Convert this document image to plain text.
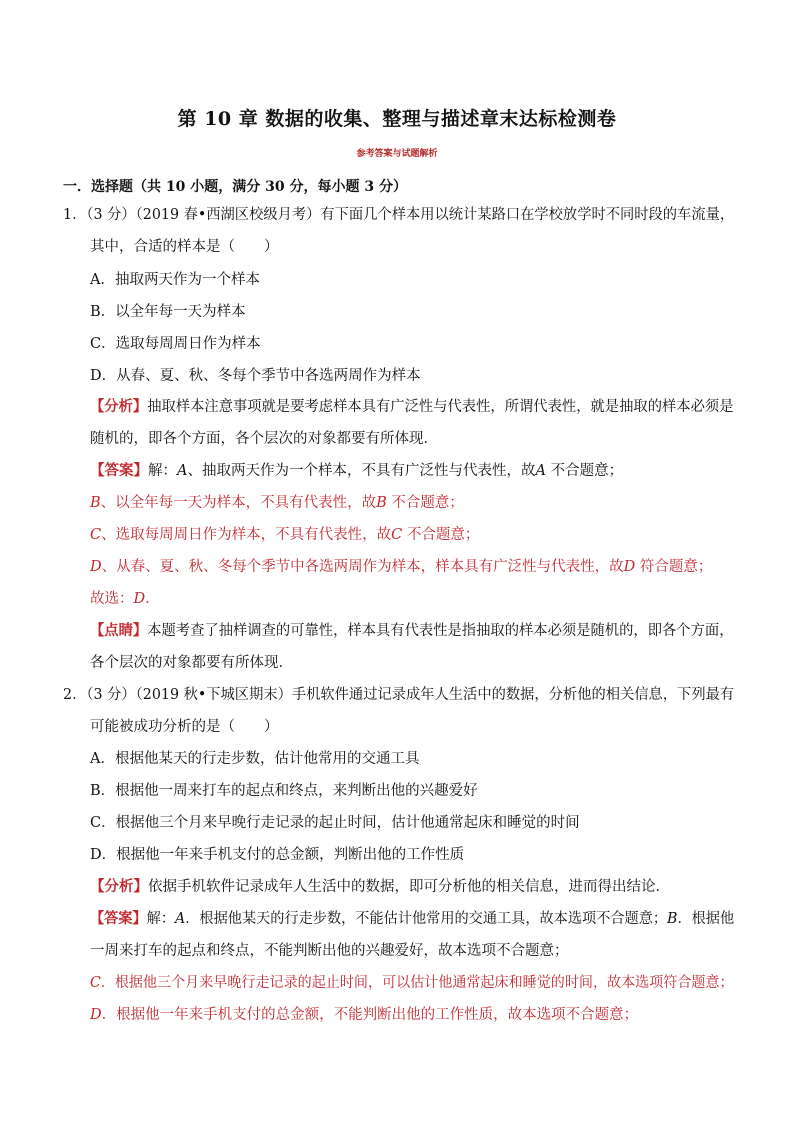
第 10 章 数据的收集、整理与描述章末达标检测卷
参考答案与试题解析
一．选择题（共 10 小题，满分 30 分，每小题 3 分）
1．（3 分）（2019 春•西湖区校级月考）有下面几个样本用以统计某路口在学校放学时不同时段的车流量，
其中，合适的样本是（　　）
A．抽取两天作为一个样本
B．以全年每一天为样本
C．选取每周周日作为样本
D．从春、夏、秋、冬每个季节中各选两周作为样本
【分析】抽取样本注意事项就是要考虑样本具有广泛性与代表性，所谓代表性，就是抽取的样本必须是
随机的，即各个方面，各个层次的对象都要有所体现．
【答案】解：A、抽取两天作为一个样本，不具有广泛性与代表性，故A 不合题意；
B、以全年每一天为样本，不具有代表性，故B 不合题意；
C、选取每周周日作为样本，不具有代表性，故C 不合题意；
D、从春、夏、秋、冬每个季节中各选两周作为样本，样本具有广泛性与代表性，故D 符合题意；
故选：D．
【点睛】本题考查了抽样调查的可靠性，样本具有代表性是指抽取的样本必须是随机的，即各个方面，
各个层次的对象都要有所体现．
2．（3 分）（2019 秋•下城区期末）手机软件通过记录成年人生活中的数据，分析他的相关信息，下列最有
可能被成功分析的是（　　）
A．根据他某天的行走步数，估计他常用的交通工具
B．根据他一周来打车的起点和终点，来判断出他的兴趣爱好
C．根据他三个月来早晚行走记录的起止时间，估计他通常起床和睡觉的时间
D．根据他一年来手机支付的总金额，判断出他的工作性质
【分析】依据手机软件记录成年人生活中的数据，即可分析他的相关信息，进而得出结论．
【答案】解：A．根据他某天的行走步数，不能估计他常用的交通工具，故本选项不合题意；B．根据他
一周来打车的起点和终点，不能判断出他的兴趣爱好，故本选项不合题意；
C．根据他三个月来早晚行走记录的起止时间，可以估计他通常起床和睡觉的时间，故本选项符合题意；
D．根据他一年来手机支付的总金额，不能判断出他的工作性质，故本选项不合题意；
